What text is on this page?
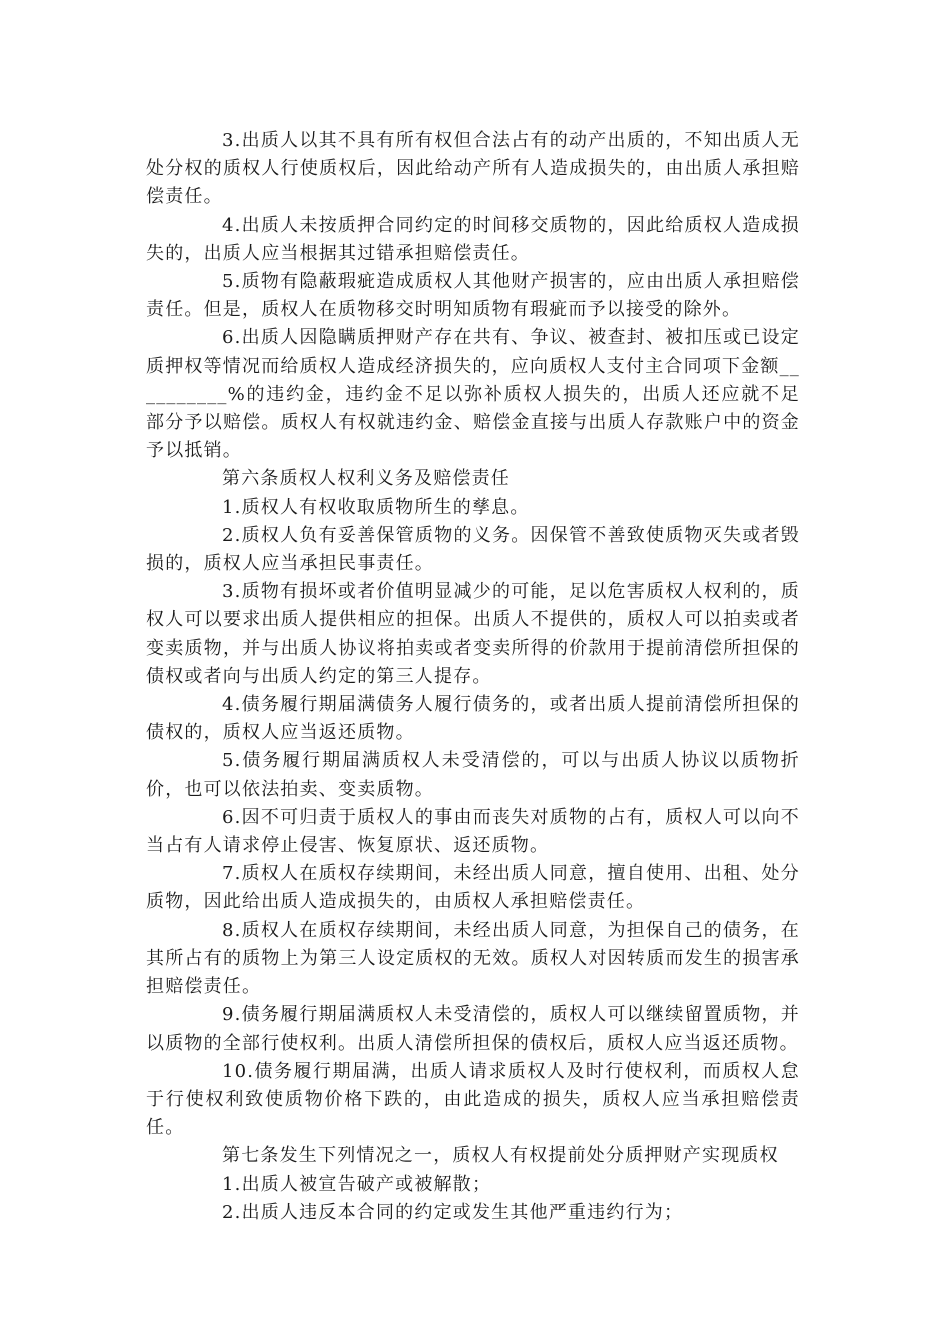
3.出质人以其不具有所有权但合法占有的动产出质的，不知出质人无处分权的质权人行使质权后，因此给动产所有人造成损失的，由出质人承担赔偿责任。

4.出质人未按质押合同约定的时间移交质物的，因此给质权人造成损失的，出质人应当根据其过错承担赔偿责任。

5.质物有隐蔽瑕疵造成质权人其他财产损害的，应由出质人承担赔偿责任。但是，质权人在质物移交时明知质物有瑕疵而予以接受的除外。

6.出质人因隐瞒质押财产存在共有、争议、被查封、被扣压或已设定质押权等情况而给质权人造成经济损失的，应向质权人支付主合同项下金额__________%的违约金，违约金不足以弥补质权人损失的，出质人还应就不足部分予以赔偿。质权人有权就违约金、赔偿金直接与出质人存款账户中的资金予以抵销。

第六条质权人权利义务及赔偿责任

1.质权人有权收取质物所生的孳息。

2.质权人负有妥善保管质物的义务。因保管不善致使质物灭失或者毁损的，质权人应当承担民事责任。

3.质物有损坏或者价值明显减少的可能，足以危害质权人权利的，质权人可以要求出质人提供相应的担保。出质人不提供的，质权人可以拍卖或者变卖质物，并与出质人协议将拍卖或者变卖所得的价款用于提前清偿所担保的债权或者向与出质人约定的第三人提存。

4.债务履行期届满债务人履行债务的，或者出质人提前清偿所担保的债权的，质权人应当返还质物。

5.债务履行期届满质权人未受清偿的，可以与出质人协议以质物折价，也可以依法拍卖、变卖质物。

6.因不可归责于质权人的事由而丧失对质物的占有，质权人可以向不当占有人请求停止侵害、恢复原状、返还质物。

7.质权人在质权存续期间，未经出质人同意，擅自使用、出租、处分质物，因此给出质人造成损失的，由质权人承担赔偿责任。

8.质权人在质权存续期间，未经出质人同意，为担保自己的债务，在其所占有的质物上为第三人设定质权的无效。质权人对因转质而发生的损害承担赔偿责任。

9.债务履行期届满质权人未受清偿的，质权人可以继续留置质物，并以质物的全部行使权利。出质人清偿所担保的债权后，质权人应当返还质物。

10.债务履行期届满，出质人请求质权人及时行使权利，而质权人怠于行使权利致使质物价格下跌的，由此造成的损失，质权人应当承担赔偿责任。

第七条发生下列情况之一，质权人有权提前处分质押财产实现质权

1.出质人被宣告破产或被解散；

2.出质人违反本合同的约定或发生其他严重违约行为；
